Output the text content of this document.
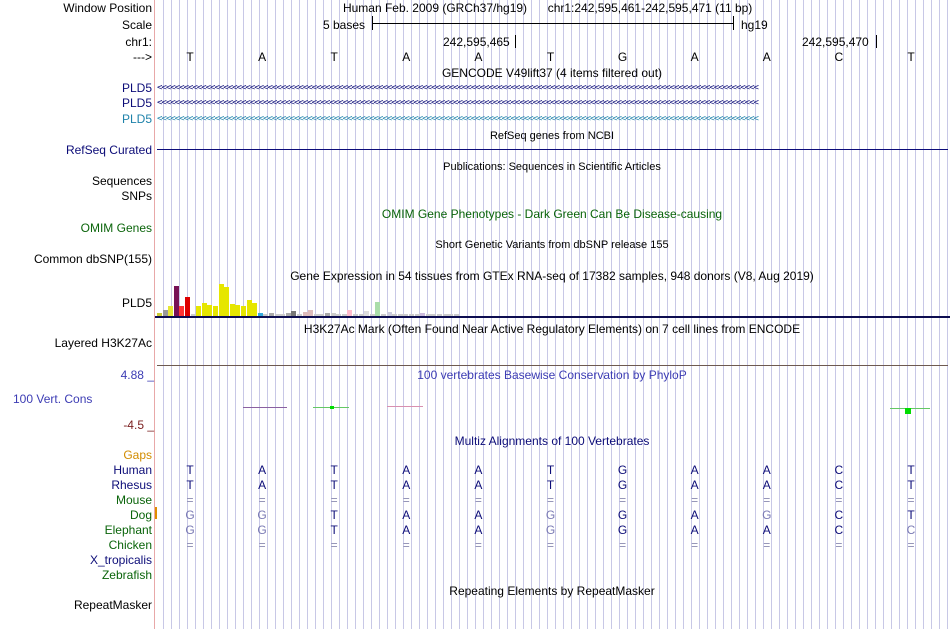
Window Position	Human Feb. 2009 (GRCh37/hg19) chr1:242,595,461-242,595,471 (11 bp)
Scale	5 bases	hg19
chr1:	242,595,465	242,595,470
--->	T	A	T	A	A	T	G	A	A	C	T
GENCODE V49lift37 (4 items filtered out)
PLD5 <<<<<<<<<<<<<<<<<<<<<<<<<<<<<<<<<<<<<<<<<<<<<<<<<<<<<<<<<<<<<<<<<<<<<<<<<<<<<<<<<<<<<<<<<<<<<<<<<<<<<<<<<<<<<<<<<<<<<<<<<<<<<<<<<<<<<<<<
PLD5 <<<<<<<<<<<<<<<<<<<<<<<<<<<<<<<<<<<<<<<<<<<<<<<<<<<<<<<<<<<<<<<<<<<<<<<<<<<<<<<<<<<<<<<<<<<<<<<<<<<<<<<<<<<<<<<<<<<<<<<<<<<<<<<<<<<<<<<<
PLD5 <<<<<<<<<<<<<<<<<<<<<<<<<<<<<<<<<<<<<<<<<<<<<<<<<<<<<<<<<<<<<<<<<<<<<<<<<<<<<<<<<<<<<<<<<<<<<<<<<<<<<<<<<<<<<<<<<<<<<<<<<<<<<<<<<<<<<<<<
RefSeq genes from NCBI
RefSeq Curated
Publications: Sequences in Scientific Articles
Sequences
SNPs
OMIM Gene Phenotypes - Dark Green Can Be Disease-causing
OMIM Genes
Short Genetic Variants from dbSNP release 155
Common dbSNP(155)
Gene Expression in 54 tissues from GTEx RNA-seq of 17382 samples, 948 donors (V8, Aug 2019)
PLD5
H3K27Ac Mark (Often Found Near Active Regulatory Elements) on 7 cell lines from ENCODE
Layered H3K27Ac
4.88 _	100 vertebrates Basewise Conservation by PhyloP
100 Vert. Cons
-4.5 _
Multiz Alignments of 100 Vertebrates
Gaps
Human	T	A	T	A	A	T	G	A	A	C	T
Rhesus	T	A	T	A	A	T	G	A	A	C	T
Mouse	=	=	=	=	=	=	=	=	=	=	=
Dog	G	G	T	A	A	G	G	A	G	C	T
Elephant	G	G	T	A	A	G	G	A	A	C	C
Chicken	=	=	=	=	=	=	=	=	=	=	=
X_tropicalis
Zebrafish
Repeating Elements by RepeatMasker
RepeatMasker
